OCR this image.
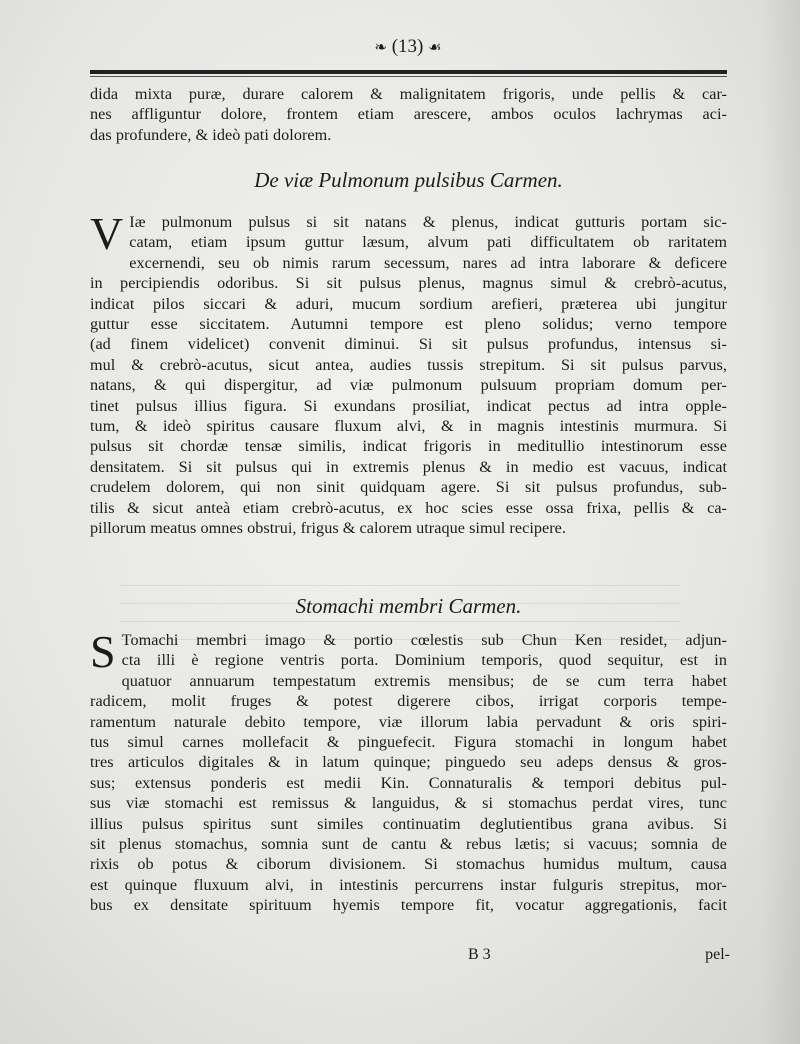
❧ (13) ☙
dida mixta puræ, durare calorem & malignitatem frigoris, unde pellis & car-
nes affliguntur dolore, frontem etiam arescere, ambos oculos lachrymas aci-
das profundere, & ideò pati dolorem.
De viæ Pulmonum pulsibus Carmen.
V Iæ pulmonum pulsus si sit natans & plenus, indicat gutturis portam sic-
catam, etiam ipsum guttur læsum, alvum pati difficultatem ob raritatem
excernendi, seu ob nimis rarum secessum, nares ad intra laborare & deficere
in percipiendis odoribus. Si sit pulsus plenus, magnus simul & crebrò-acutus,
indicat pilos siccari & aduri, mucum sordium arefieri, præterea ubi jungitur
guttur esse siccitatem. Autumni tempore est pleno solidus; verno tempore
(ad finem videlicet) convenit diminui. Si sit pulsus profundus, intensus si-
mul & crebrò-acutus, sicut antea, audies tussis strepitum. Si sit pulsus parvus,
natans, & qui dispergitur, ad viæ pulmonum pulsuum propriam domum per-
tinet pulsus illius figura. Si exundans prosiliat, indicat pectus ad intra opple-
tum, & ideò spiritus causare fluxum alvi, & in magnis intestinis murmura. Si
pulsus sit chordæ tensæ similis, indicat frigoris in meditullio intestinorum esse
densitatem. Si sit pulsus qui in extremis plenus & in medio est vacuus, indicat
crudelem dolorem, qui non sinit quidquam agere. Si sit pulsus profundus, sub-
tilis & sicut anteà etiam crebrò-acutus, ex hoc scies esse ossa frixa, pellis & ca-
pillorum meatus omnes obstrui, frigus & calorem utraque simul recipere.
Stomachi membri Carmen.
S Tomachi membri imago & portio cœlestis sub Chun Ken residet, adjun-
cta illi è regione ventris porta. Dominium temporis, quod sequitur, est in
quatuor annuarum tempestatum extremis mensibus; de se cum terra habet
radicem, molit fruges & potest digerere cibos, irrigat corporis tempe-
ramentum naturale debito tempore, viæ illorum labia pervadunt & oris spiri-
tus simul carnes mollefacit & pinguefecit. Figura stomachi in longum habet
tres articulos digitales & in latum quinque; pinguedo seu adeps densus & gros-
sus; extensus ponderis est medii Kin. Connaturalis & tempori debitus pul-
sus viæ stomachi est remissus & languidus, & si stomachus perdat vires, tunc
illius pulsus spiritus sunt similes continuatim deglutientibus grana avibus. Si
sit plenus stomachus, somnia sunt de cantu & rebus lætis; si vacuus; somnia de
rixis ob potus & ciborum divisionem. Si stomachus humidus multum, causa
est quinque fluxuum alvi, in intestinis percurrens instar fulguris strepitus, mor-
bus ex densitate spirituum hyemis tempore fit, vocatur aggregationis, facit
B 3	pel-
